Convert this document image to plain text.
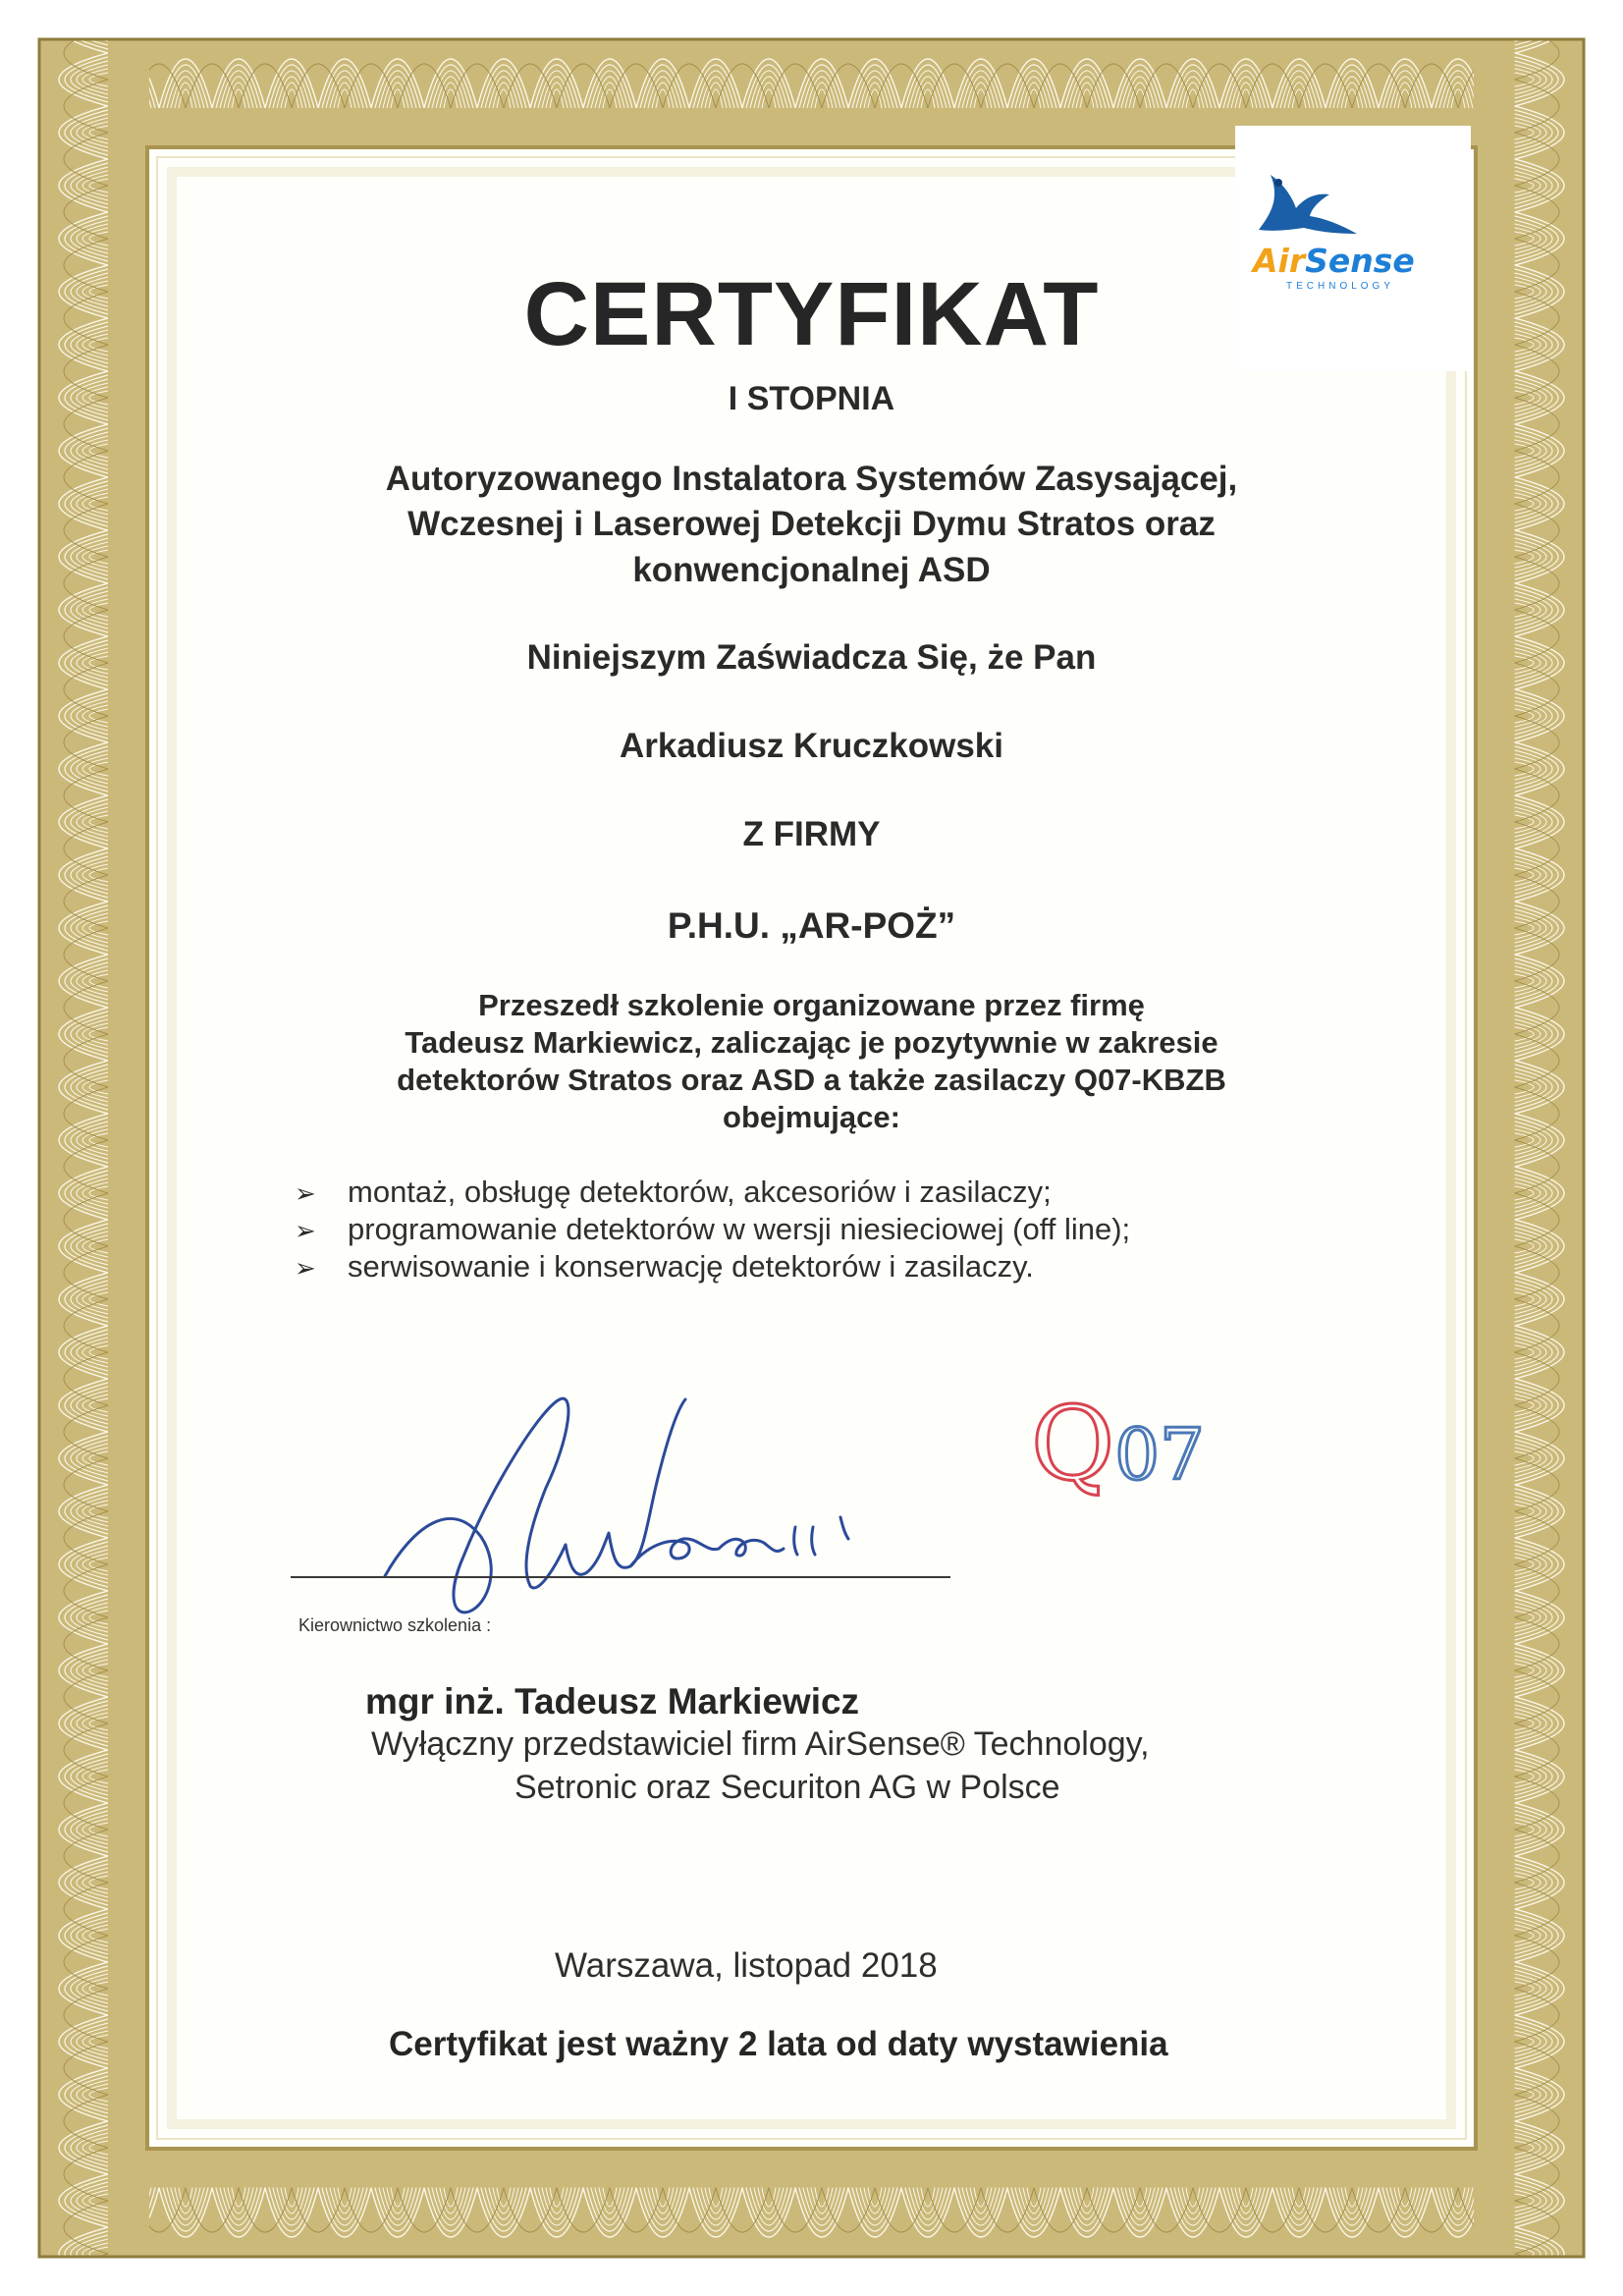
AirSense
TECHNOLOGY
CERTYFIKAT
I STOPNIA
Autoryzowanego Instalatora Systemów Zasysającej,
Wczesnej i Laserowej Detekcji Dymu Stratos oraz
konwencjonalnej ASD
Niniejszym Zaświadcza Się, że Pan
Arkadiusz Kruczkowski
Z FIRMY
P.H.U. „AR-POŻ”
Przeszedł szkolenie organizowane przez firmę
Tadeusz Markiewicz, zaliczając je pozytywnie w zakresie
detektorów Stratos oraz ASD a także zasilaczy Q07-KBZB
obejmujące:
➢ montaż, obsługę detektorów, akcesoriów i zasilaczy;
➢ programowanie detektorów w wersji niesieciowej (off line);
➢ serwisowanie i konserwację detektorów i zasilaczy.
Kierownictwo szkolenia :
Q07
mgr inż. Tadeusz Markiewicz
Wyłączny przedstawiciel firm AirSense® Technology,
Setronic oraz Securiton AG w Polsce
Warszawa, listopad 2018
Certyfikat jest ważny 2 lata od daty wystawienia
